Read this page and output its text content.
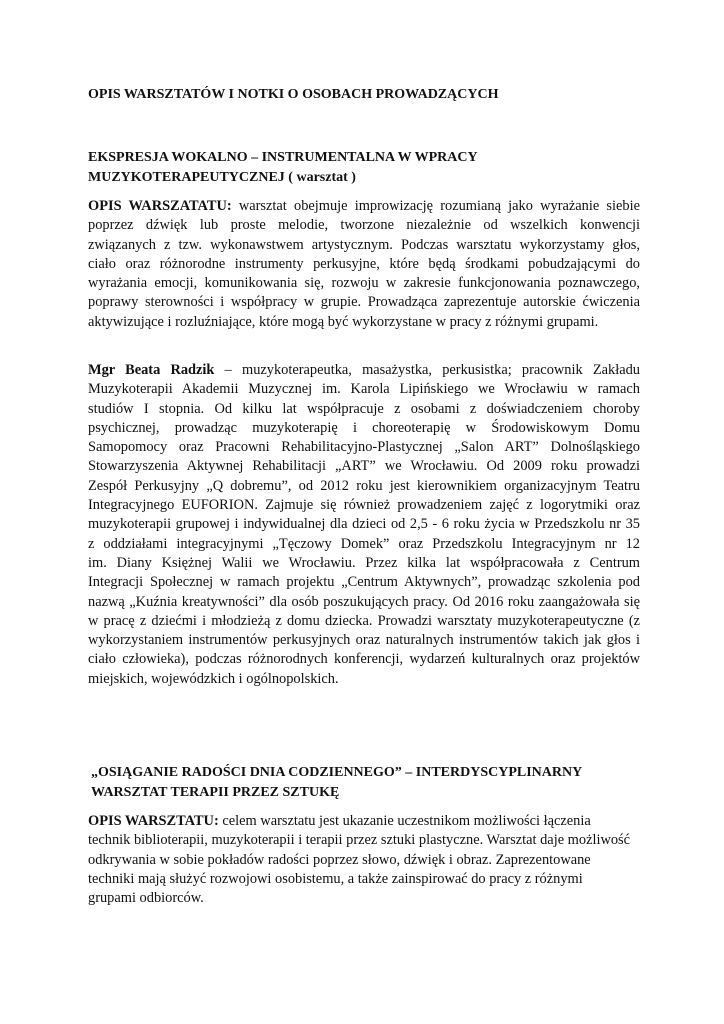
OPIS WARSZTATÓW I NOTKI O OSOBACH PROWADZĄCYCH
EKSPRESJA WOKALNO – INSTRUMENTALNA W WPRACY
MUZYKOTERAPEUTYCZNEJ ( warsztat )
OPIS WARSZATATU: warsztat obejmuje improwizację rozumianą jako wyrażanie siebie
poprzez dźwięk lub proste melodie, tworzone niezależnie od wszelkich konwencji
związanych z tzw. wykonawstwem artystycznym. Podczas warsztatu wykorzystamy głos,
ciało oraz różnorodne instrumenty perkusyjne, które będą środkami pobudzającymi do
wyrażania emocji, komunikowania się, rozwoju w zakresie funkcjonowania poznawczego,
poprawy sterowności i współpracy w grupie. Prowadząca zaprezentuje autorskie ćwiczenia
aktywizujące i rozluźniające, które mogą być wykorzystane w pracy z różnymi grupami.
Mgr Beata Radzik – muzykoterapeutka, masażystka, perkusistka; pracownik Zakładu
Muzykoterapii Akademii Muzycznej im. Karola Lipińskiego we Wrocławiu w ramach
studiów I stopnia. Od kilku lat współpracuje z osobami z doświadczeniem choroby
psychicznej, prowadząc muzykoterapię i choreoterapię w Środowiskowym Domu
Samopomocy oraz Pracowni Rehabilitacyjno-Plastycznej „Salon ART” Dolnośląskiego
Stowarzyszenia Aktywnej Rehabilitacji „ART” we Wrocławiu. Od 2009 roku prowadzi
Zespół Perkusyjny „Q dobremu”, od 2012 roku jest kierownikiem organizacyjnym Teatru
Integracyjnego EUFORION. Zajmuje się również prowadzeniem zajęć z logorytmiki oraz
muzykoterapii grupowej i indywidualnej dla dzieci od 2,5 - 6 roku życia w Przedszkolu nr 35
z oddziałami integracyjnymi „Tęczowy Domek” oraz Przedszkolu Integracyjnym nr 12
im. Diany Księżnej Walii we Wrocławiu. Przez kilka lat współpracowała z Centrum
Integracji Społecznej w ramach projektu „Centrum Aktywnych”, prowadząc szkolenia pod
nazwą „Kuźnia kreatywności” dla osób poszukujących pracy. Od 2016 roku zaangażowała się
w pracę z dziećmi i młodzieżą z domu dziecka. Prowadzi warsztaty muzykoterapeutyczne (z
wykorzystaniem instrumentów perkusyjnych oraz naturalnych instrumentów takich jak głos i
ciało człowieka), podczas różnorodnych konferencji, wydarzeń kulturalnych oraz projektów
miejskich, wojewódzkich i ogólnopolskich.
„OSIĄGANIE RADOŚCI DNIA CODZIENNEGO” – INTERDYSCYPLINARNY
WARSZTAT TERAPII PRZEZ SZTUKĘ
OPIS WARSZTATU: celem warsztatu jest ukazanie uczestnikom możliwości łączenia
technik biblioterapii, muzykoterapii i terapii przez sztuki plastyczne. Warsztat daje możliwość
odkrywania w sobie pokładów radości poprzez słowo, dźwięk i obraz. Zaprezentowane
techniki mają służyć rozwojowi osobistemu, a także zainspirować do pracy z różnymi
grupami odbiorców.
